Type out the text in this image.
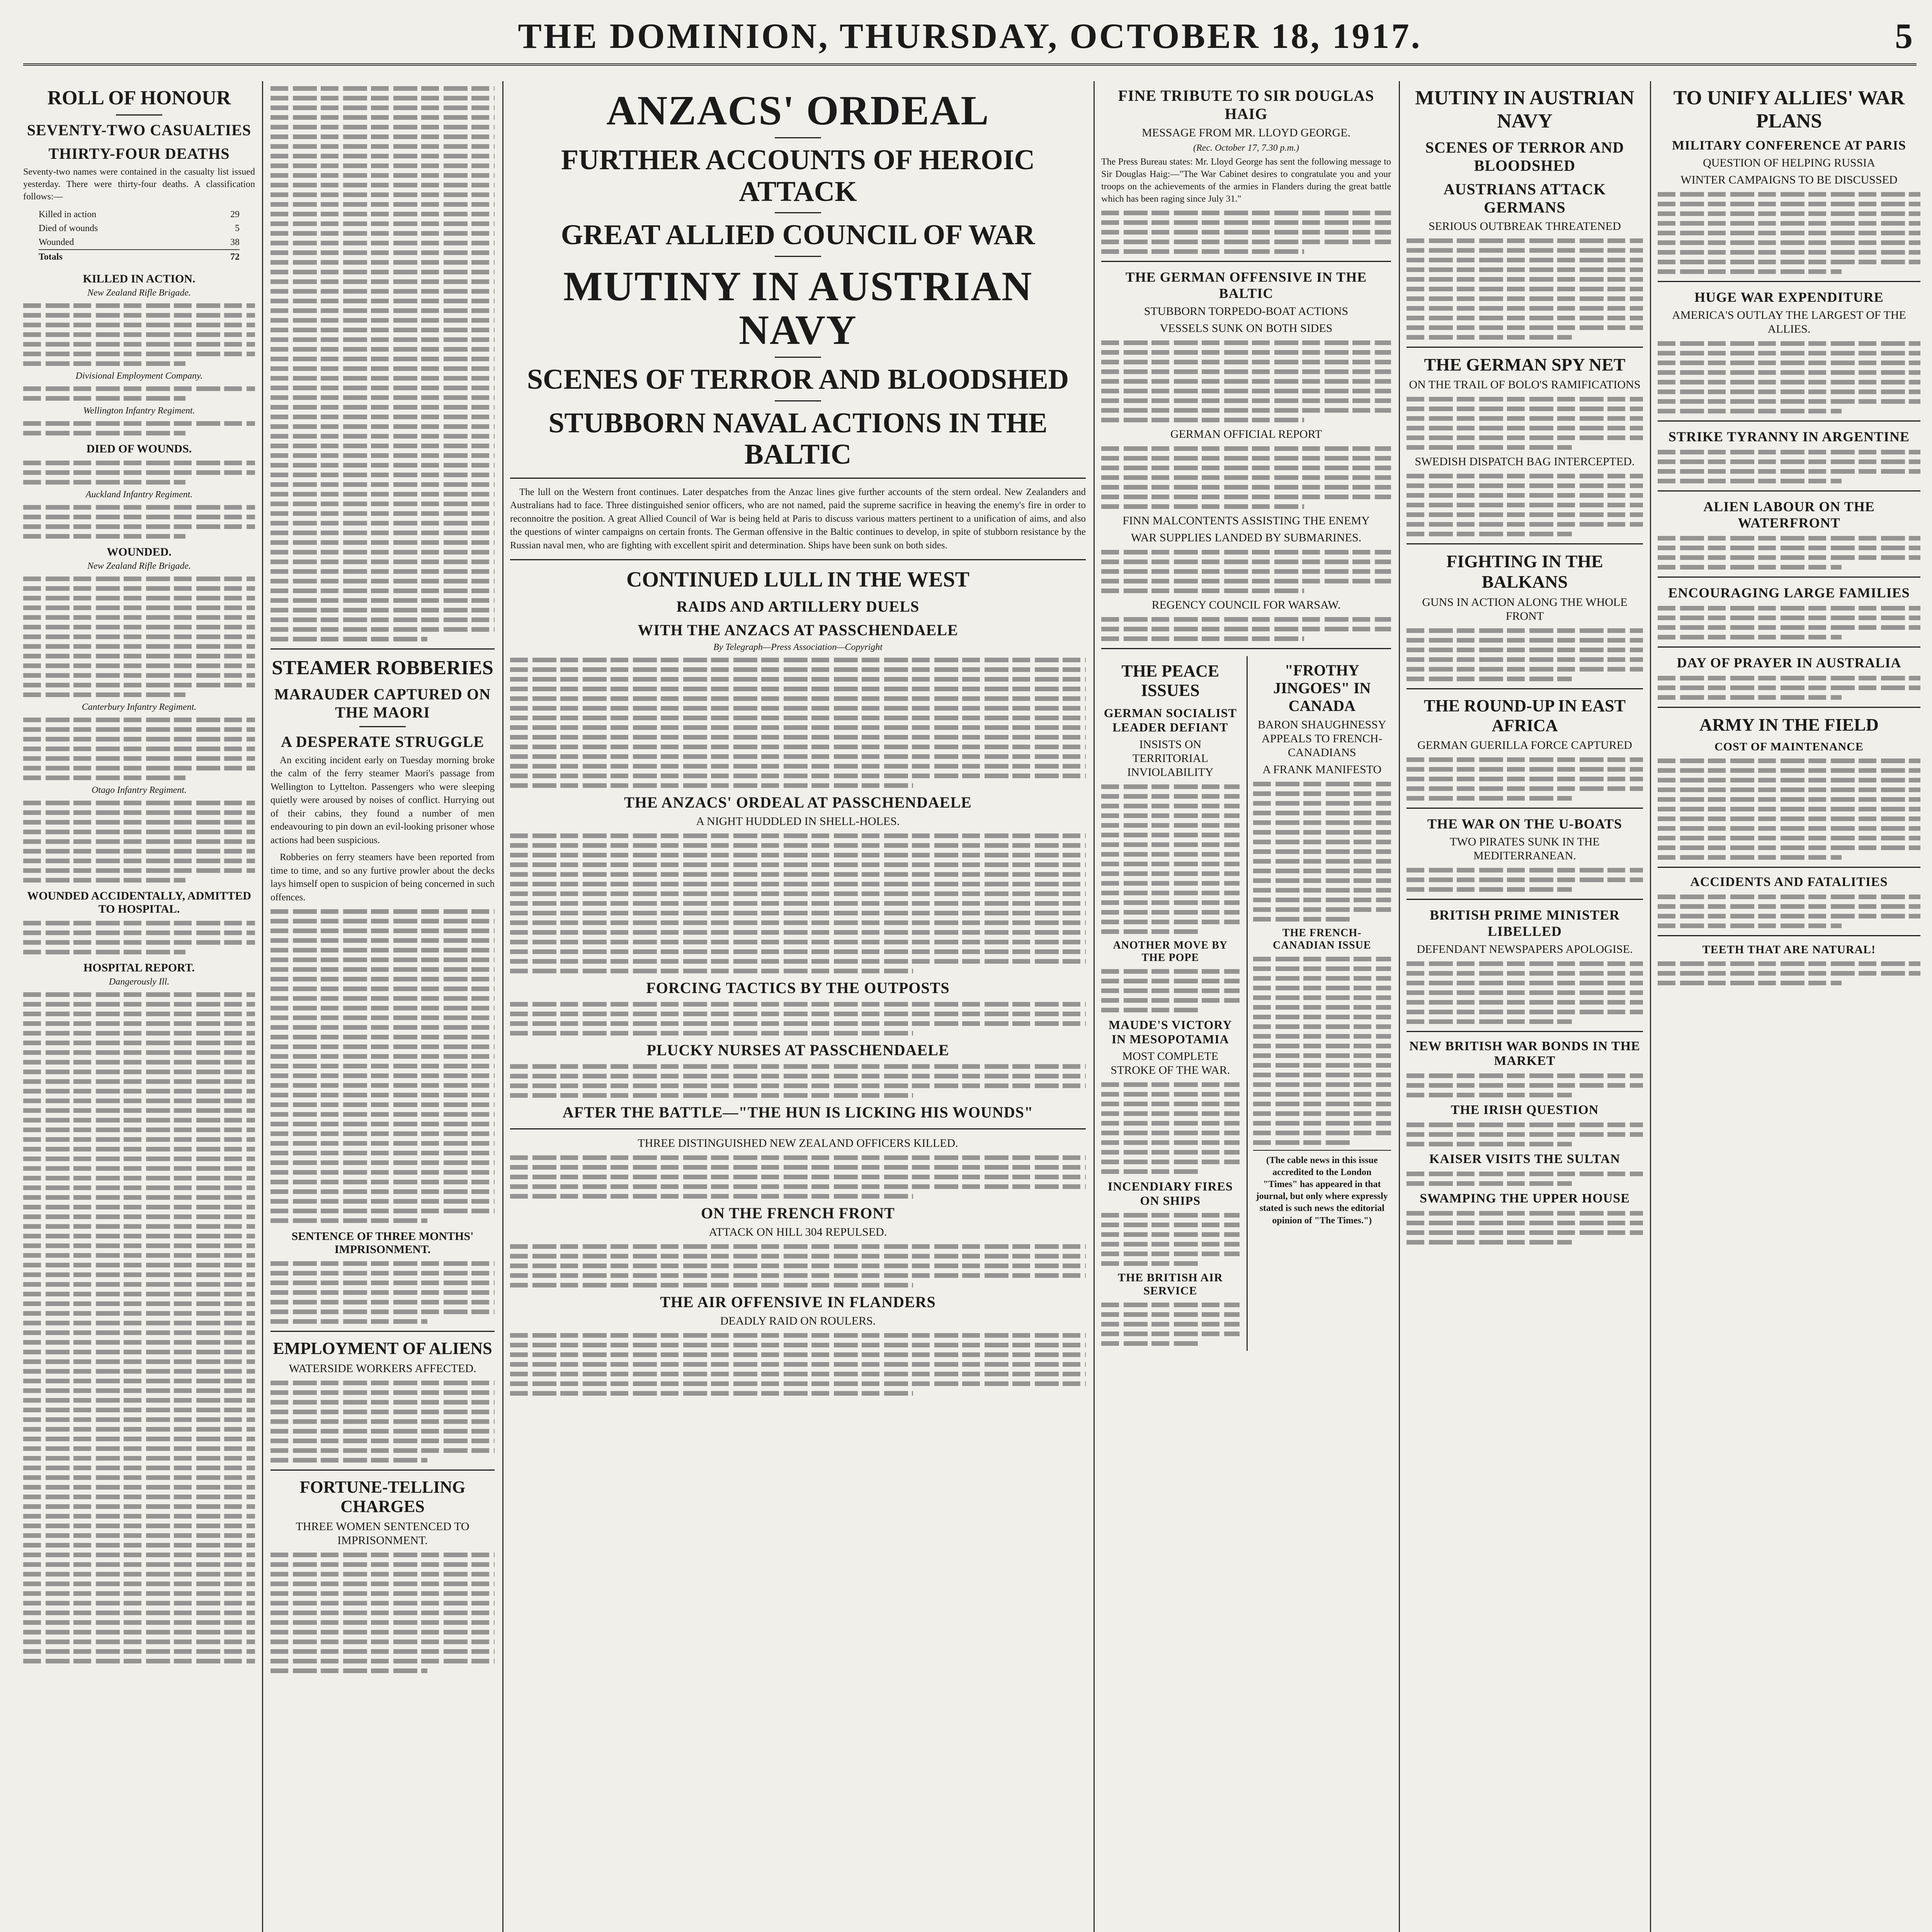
THE DOMINION, THURSDAY, OCTOBER 18, 1917.	5
ROLL OF HONOUR
SEVENTY-TWO CASUALTIES
THIRTY-FOUR DEATHS

Seventy-two names were contained in the casualty list issued yesterday. There were thirty-four deaths. A classification follows:—

Killed in action	29
Died of wounds	5
Wounded	38
Totals	72
KILLED IN ACTION.
New Zealand Rifle Brigade.
Divisional Employment Company.
Wellington Infantry Regiment.
DIED OF WOUNDS.
Auckland Infantry Regiment.
WOUNDED.
New Zealand Rifle Brigade.
Canterbury Infantry Regiment.
Otago Infantry Regiment.
WOUNDED ACCIDENTALLY, ADMITTED TO HOSPITAL.
HOSPITAL REPORT.
Dangerously Ill.
STEAMER ROBBERIES
MARAUDER CAPTURED ON THE MAORI
A DESPERATE STRUGGLE

An exciting incident early on Tuesday morning broke the calm of the ferry steamer Maori's passage from Wellington to Lyttelton. Passengers who were sleeping quietly were aroused by noises of conflict. Hurrying out of their cabins, they found a number of men endeavouring to pin down an evil-looking prisoner whose actions had been suspicious.

Robberies on ferry steamers have been reported from time to time, and so any furtive prowler about the decks lays himself open to suspicion of being concerned in such offences.

SENTENCE OF THREE MONTHS' IMPRISONMENT.
EMPLOYMENT OF ALIENS
WATERSIDE WORKERS AFFECTED.
FORTUNE-TELLING CHARGES
THREE WOMEN SENTENCED TO IMPRISONMENT.
ANZACS' ORDEAL
FURTHER ACCOUNTS OF HEROIC ATTACK
GREAT ALLIED COUNCIL OF WAR
MUTINY IN AUSTRIAN NAVY
SCENES OF TERROR AND BLOODSHED
STUBBORN NAVAL ACTIONS IN THE BALTIC

The lull on the Western front continues. Later despatches from the Anzac lines give further accounts of the stern ordeal. New Zealanders and Australians had to face. Three distinguished senior officers, who are not named, paid the supreme sacrifice in heaving the enemy's fire in order to reconnoitre the position. A great Allied Council of War is being held at Paris to discuss various matters pertinent to a unification of aims, and also the questions of winter campaigns on certain fronts. The German offensive in the Baltic continues to develop, in spite of stubborn resistance by the Russian naval men, who are fighting with excellent spirit and determination. Ships have been sunk on both sides.

CONTINUED LULL IN THE WEST
RAIDS AND ARTILLERY DUELS
WITH THE ANZACS AT PASSCHENDAELE
By Telegraph—Press Association—Copyright
THE ANZACS' ORDEAL AT PASSCHENDAELE
A NIGHT HUDDLED IN SHELL-HOLES.
FORCING TACTICS BY THE OUTPOSTS
PLUCKY NURSES AT PASSCHENDAELE
AFTER THE BATTLE—"THE HUN IS LICKING HIS WOUNDS"
THREE DISTINGUISHED NEW ZEALAND OFFICERS KILLED.
ON THE FRENCH FRONT
ATTACK ON HILL 304 REPULSED.
THE AIR OFFENSIVE IN FLANDERS
DEADLY RAID ON ROULERS.
FINE TRIBUTE TO SIR DOUGLAS HAIG
MESSAGE FROM MR. LLOYD GEORGE.
(Rec. October 17, 7.30 p.m.)

The Press Bureau states: Mr. Lloyd George has sent the following message to Sir Douglas Haig:—"The War Cabinet desires to congratulate you and your troops on the achievements of the armies in Flanders during the great battle which has been raging since July 31."

THE GERMAN OFFENSIVE IN THE BALTIC
STUBBORN TORPEDO-BOAT ACTIONS
VESSELS SUNK ON BOTH SIDES
GERMAN OFFICIAL REPORT
FINN MALCONTENTS ASSISTING THE ENEMY
WAR SUPPLIES LANDED BY SUBMARINES.
REGENCY COUNCIL FOR WARSAW.
THE PEACE ISSUES
GERMAN SOCIALIST LEADER DEFIANT
INSISTS ON TERRITORIAL INVIOLABILITY
ANOTHER MOVE BY THE POPE
MAUDE'S VICTORY IN MESOPOTAMIA
MOST COMPLETE STROKE OF THE WAR.
INCENDIARY FIRES ON SHIPS
THE BRITISH AIR SERVICE
"FROTHY JINGOES" IN CANADA
BARON SHAUGHNESSY APPEALS TO FRENCH-CANADIANS
A FRANK MANIFESTO
THE FRENCH-CANADIAN ISSUE
(The cable news in this issue accredited to the London "Times" has appeared in that journal, but only where expressly stated is such news the editorial opinion of "The Times.")
MUTINY IN AUSTRIAN NAVY
SCENES OF TERROR AND BLOODSHED
AUSTRIANS ATTACK GERMANS
SERIOUS OUTBREAK THREATENED
THE GERMAN SPY NET
ON THE TRAIL OF BOLO'S RAMIFICATIONS
SWEDISH DISPATCH BAG INTERCEPTED.
FIGHTING IN THE BALKANS
GUNS IN ACTION ALONG THE WHOLE FRONT
THE ROUND-UP IN EAST AFRICA
GERMAN GUERILLA FORCE CAPTURED
THE WAR ON THE U-BOATS
TWO PIRATES SUNK IN THE MEDITERRANEAN.
BRITISH PRIME MINISTER LIBELLED
DEFENDANT NEWSPAPERS APOLOGISE.
NEW BRITISH WAR BONDS IN THE MARKET
THE IRISH QUESTION
KAISER VISITS THE SULTAN
SWAMPING THE UPPER HOUSE
TO UNIFY ALLIES' WAR PLANS
MILITARY CONFERENCE AT PARIS
QUESTION OF HELPING RUSSIA
WINTER CAMPAIGNS TO BE DISCUSSED
HUGE WAR EXPENDITURE
AMERICA'S OUTLAY THE LARGEST OF THE ALLIES.
STRIKE TYRANNY IN ARGENTINE
ALIEN LABOUR ON THE WATERFRONT
ENCOURAGING LARGE FAMILIES
DAY OF PRAYER IN AUSTRALIA
ARMY IN THE FIELD
COST OF MAINTENANCE
ACCIDENTS AND FATALITIES
TEETH THAT ARE NATURAL!
